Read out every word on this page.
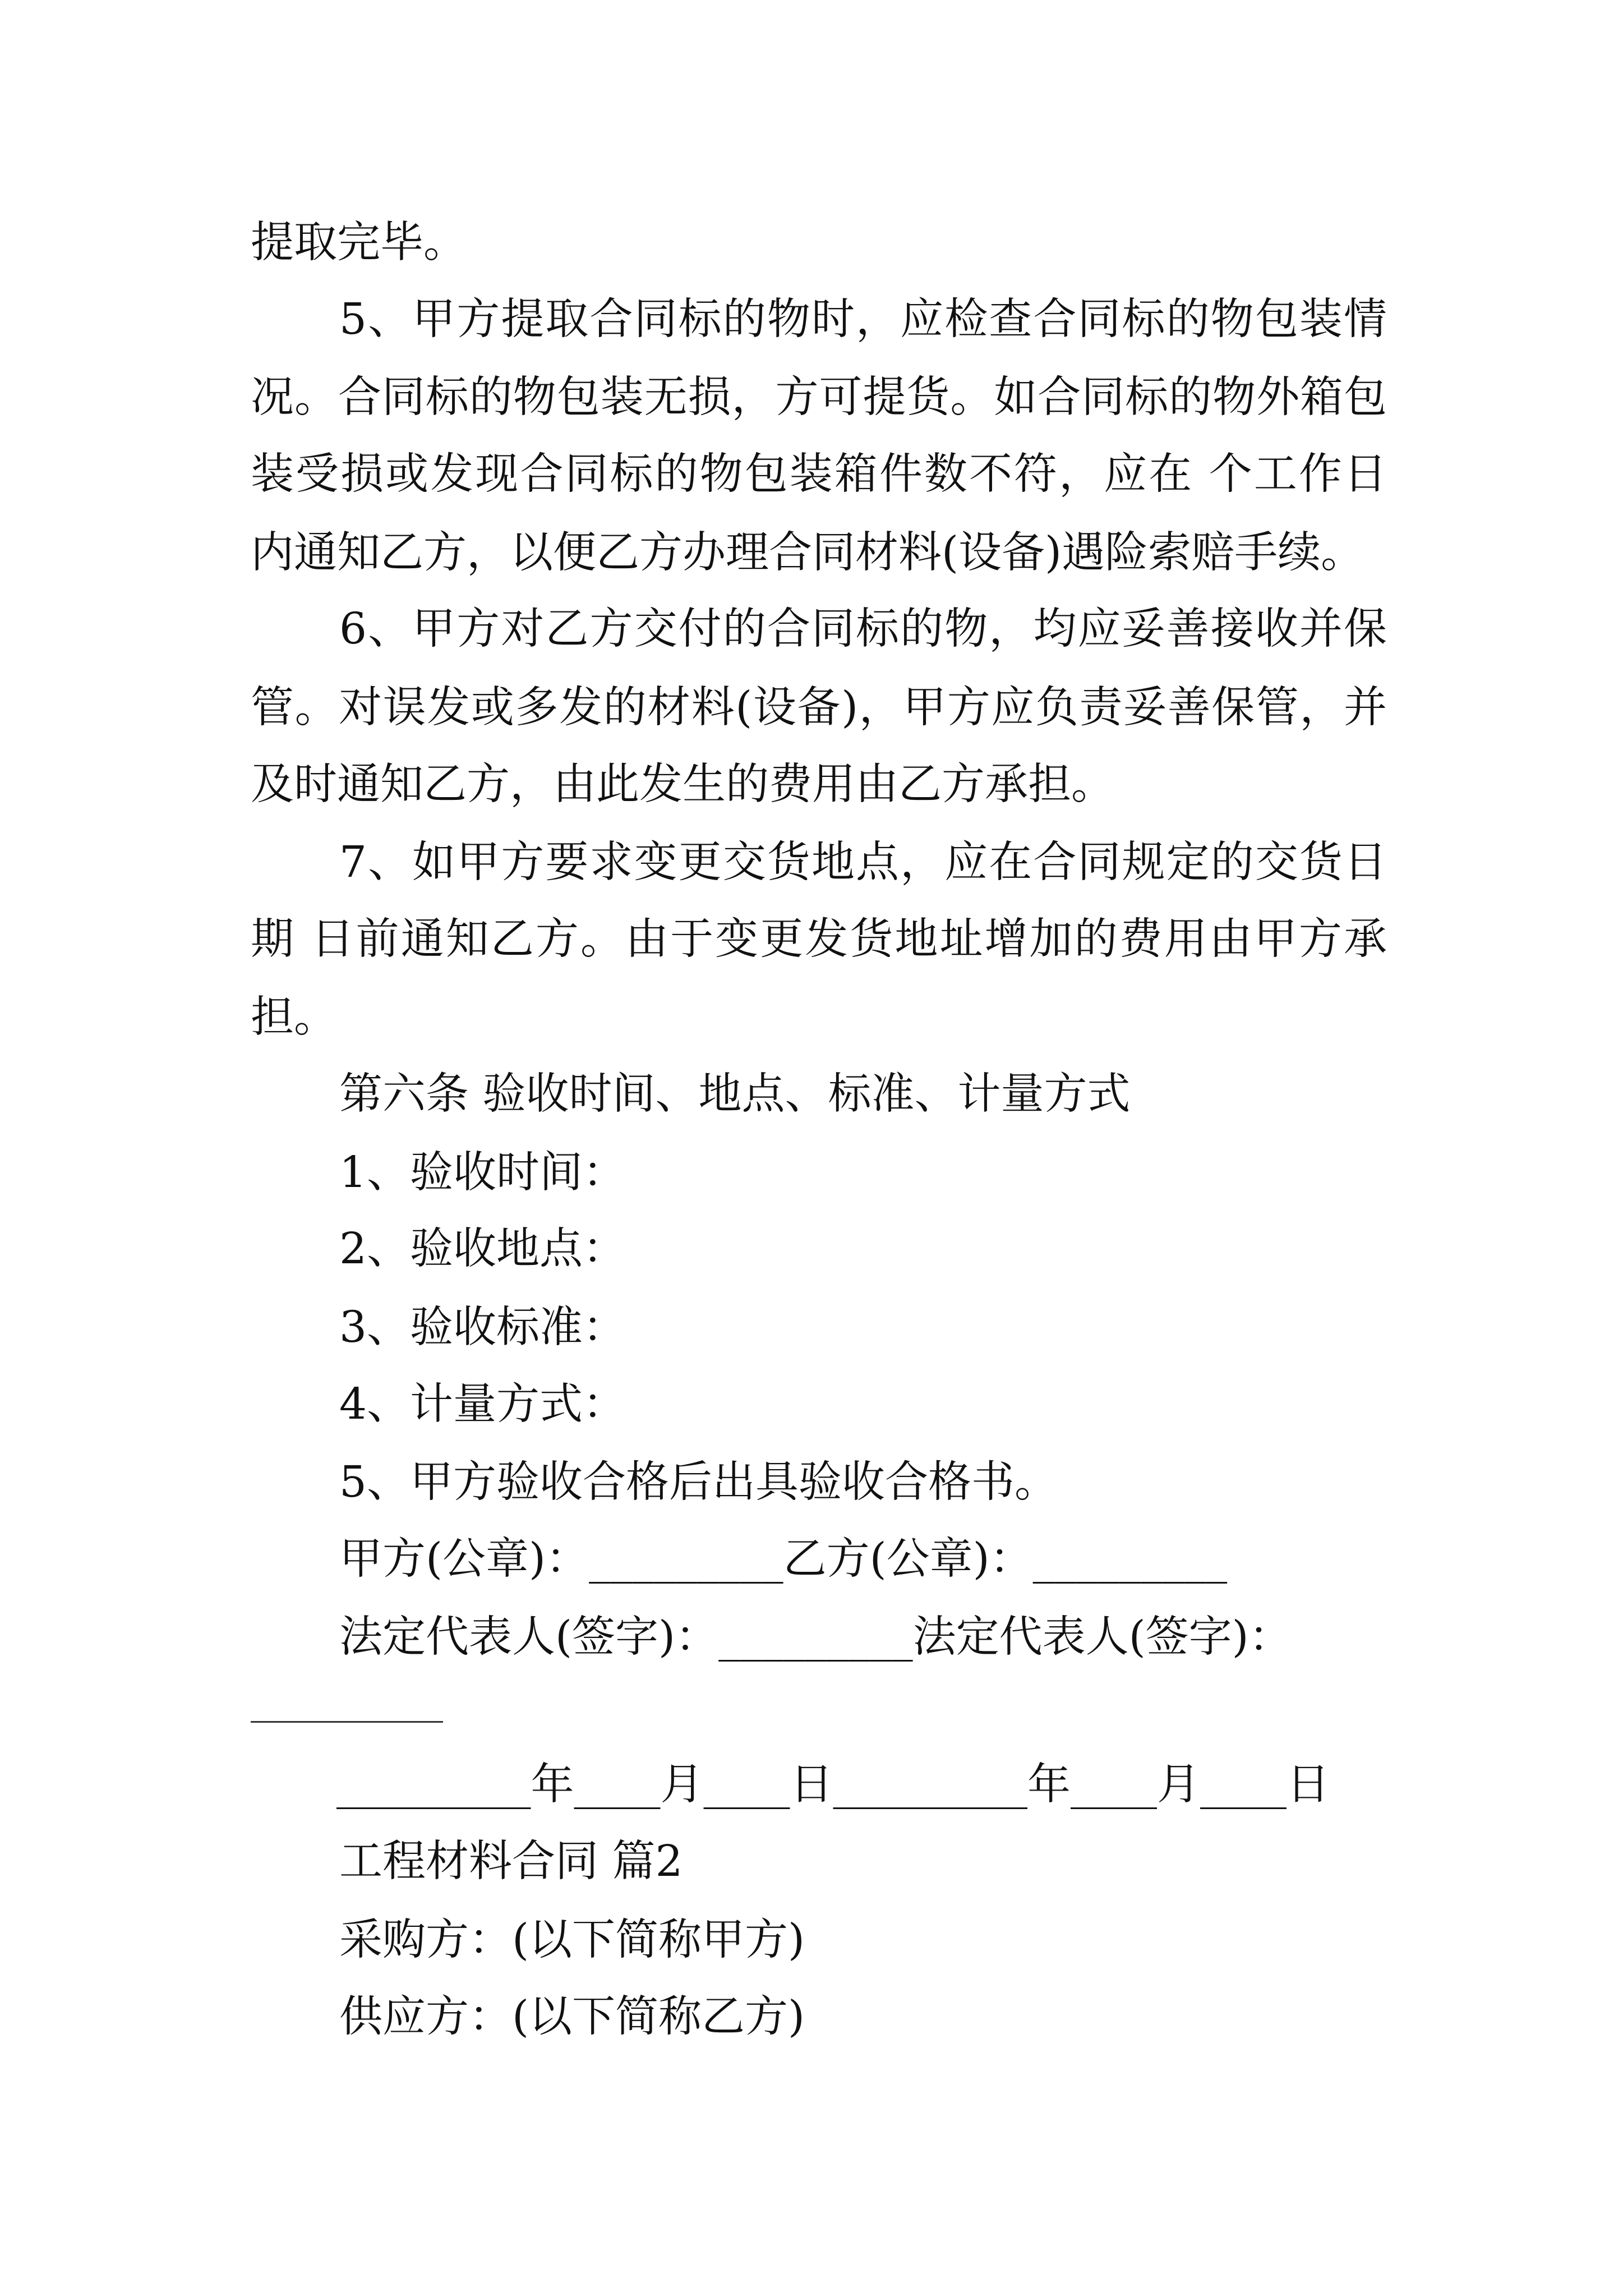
提取完毕。
5、甲方提取合同标的物时，应检查合同标的物包装情
况。合同标的物包装无损，方可提货。如合同标的物外箱包
装受损或发现合同标的物包装箱件数不符，应在 个工作日
内通知乙方，以便乙方办理合同材料(设备)遇险索赔手续。
6、甲方对乙方交付的合同标的物，均应妥善接收并保
管。对误发或多发的材料(设备)，甲方应负责妥善保管，并
及时通知乙方，由此发生的费用由乙方承担。
7、如甲方要求变更交货地点，应在合同规定的交货日
期 日前通知乙方。由于变更发货地址增加的费用由甲方承
担。
第六条 验收时间、地点、标准、计量方式
1、验收时间：
2、验收地点：
3、验收标准：
4、计量方式：
5、甲方验收合格后出具验收合格书。
甲方(公章)：_________乙方(公章)：_________
法定代表人(签字)：_________法定代表人(签字)：
_________年____月____日_________年____月____日
工程材料合同 篇2
采购方：(以下简称甲方)
供应方：(以下简称乙方)
